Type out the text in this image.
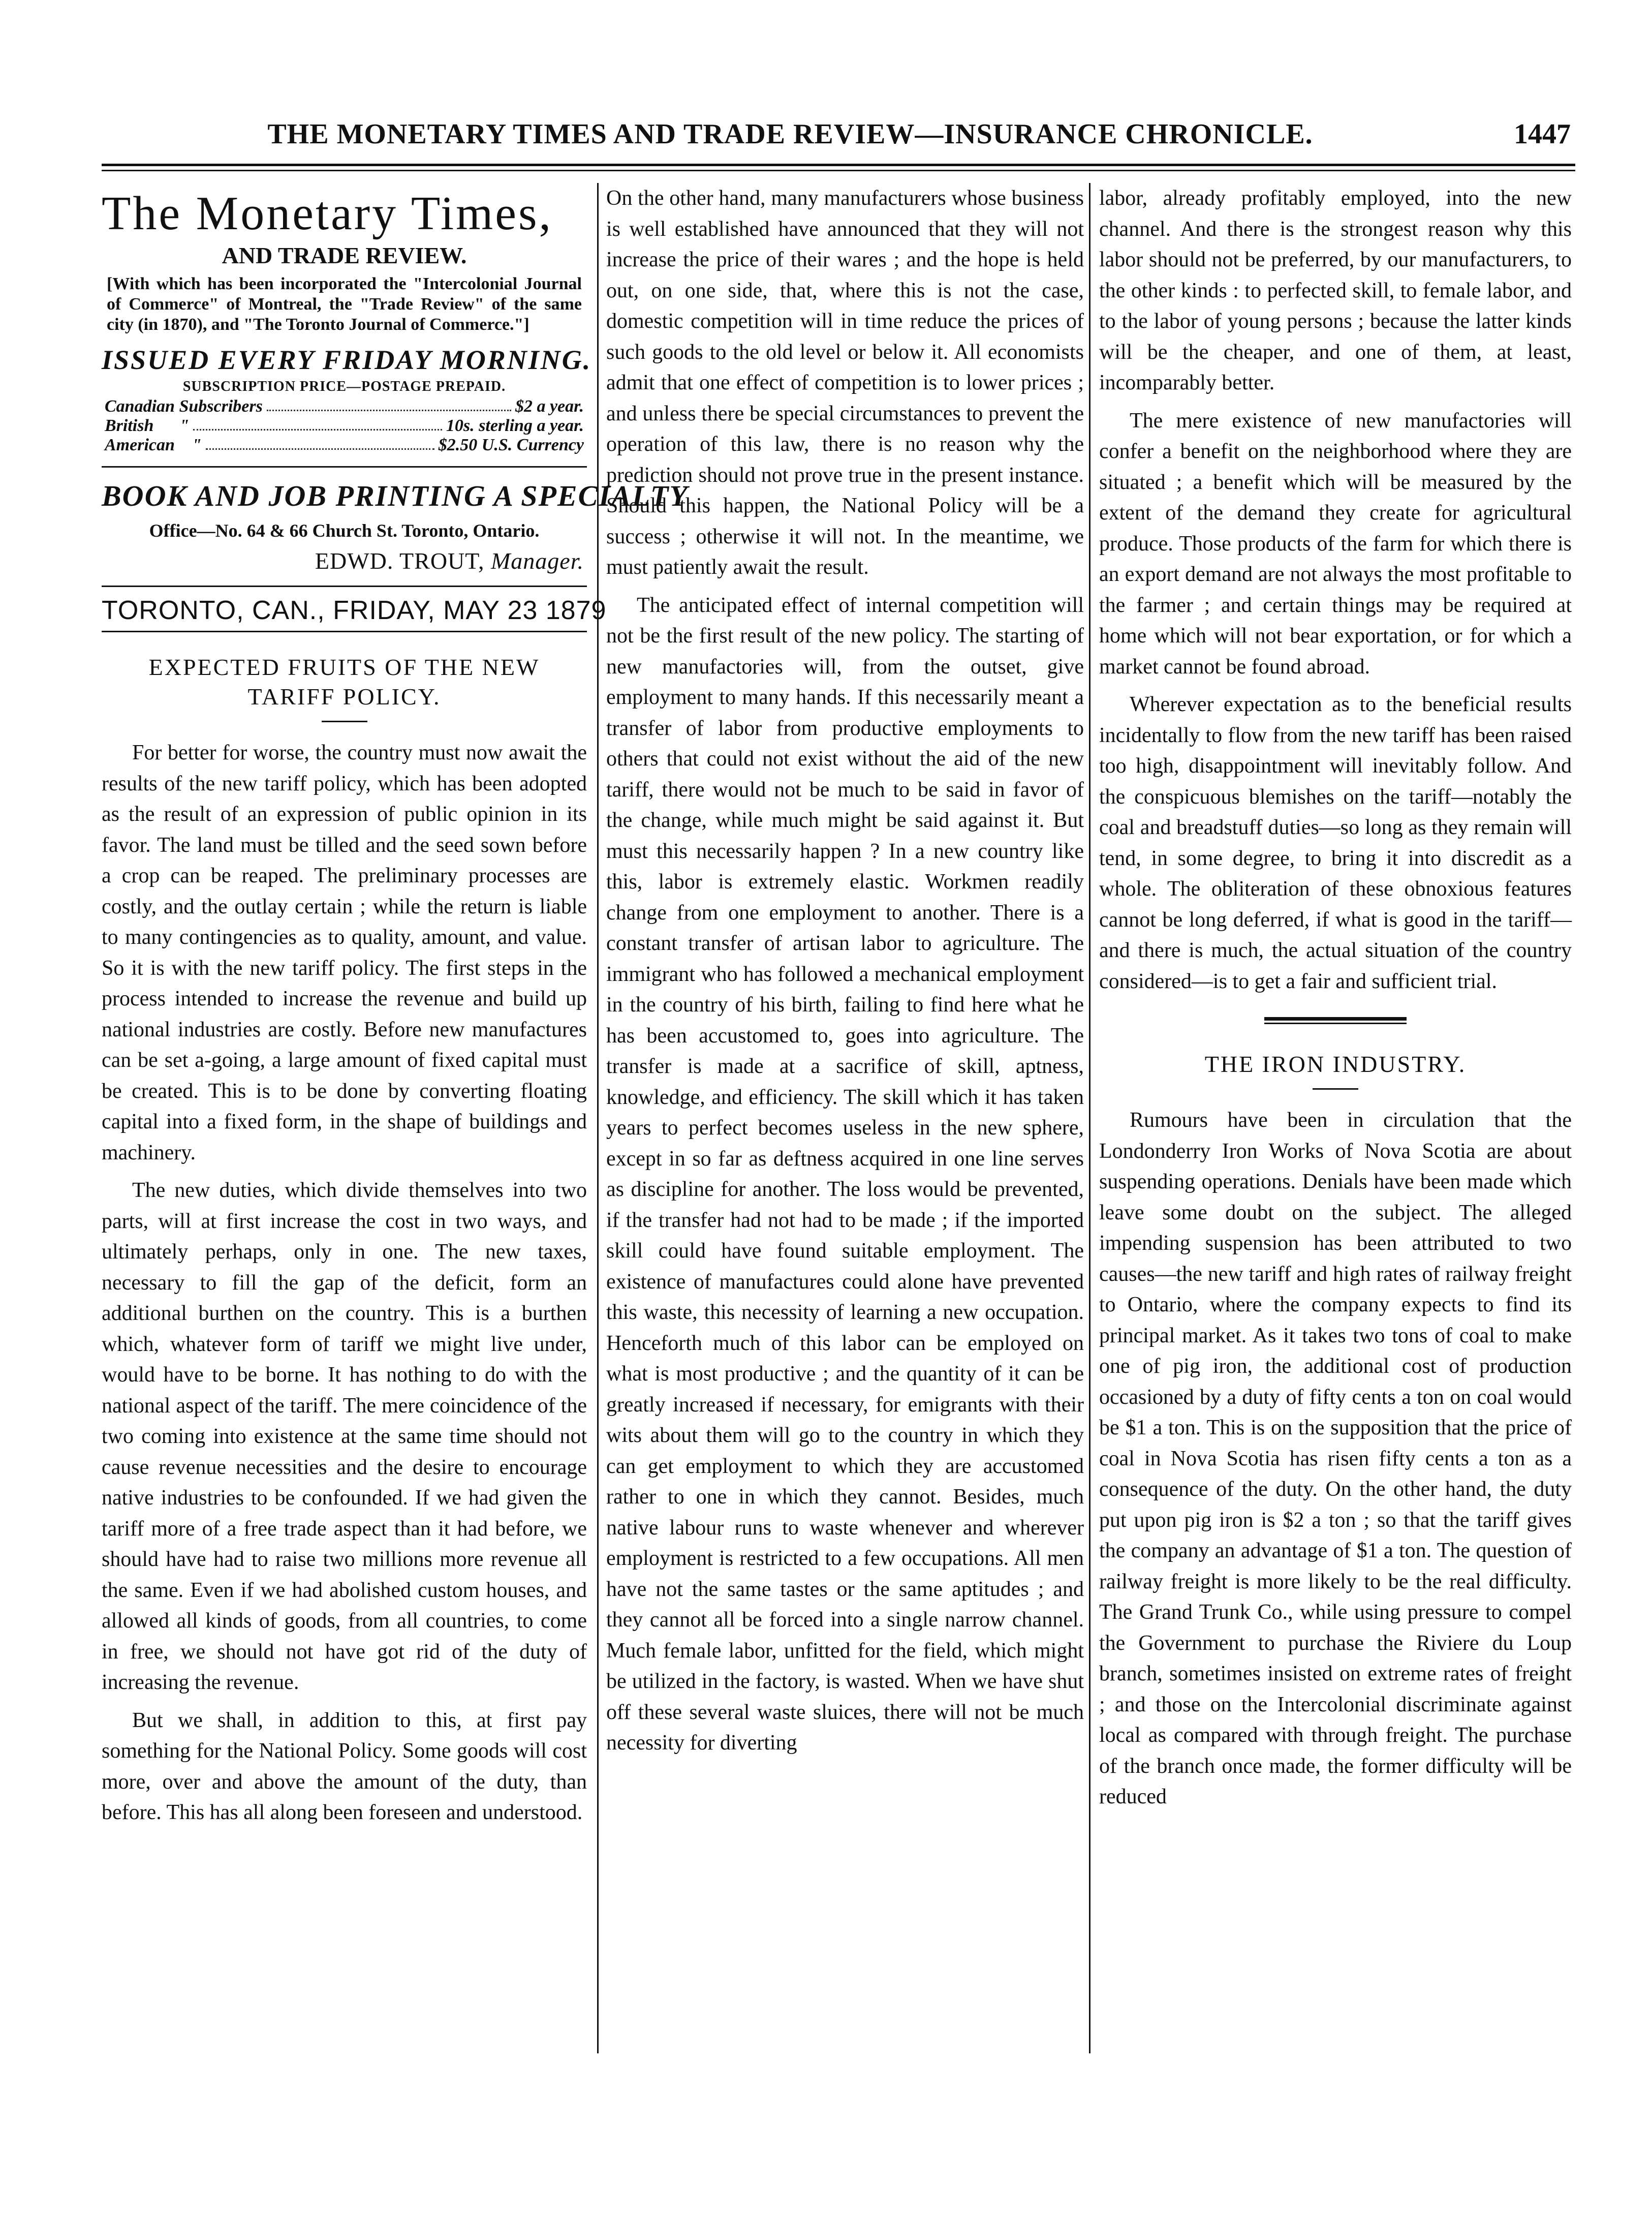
THE MONETARY TIMES AND TRADE REVIEW—INSURANCE CHRONICLE.	1447
The Monetary Times,
AND TRADE REVIEW.
[With which has been incorporated the "Intercolonial Journal of Commerce" of Montreal, the "Trade Review" of the same city (in 1870), and "The Toronto Journal of Commerce."]
ISSUED EVERY FRIDAY MORNING.
SUBSCRIPTION PRICE—POSTAGE PREPAID.
Canadian Subscribers	$2 a year.
British      "	10s. sterling a year.
American    "	$2.50 U.S. Currency
BOOK AND JOB PRINTING A SPECIALTY
Office—No. 64 & 66 Church St. Toronto, Ontario.
EDWD. TROUT, Manager.
TORONTO, CAN., FRIDAY, MAY 23 1879
EXPECTED FRUITS OF THE NEW TARIFF POLICY.

For better for worse, the country must now await the results of the new tariff policy, which has been adopted as the result of an expression of public opinion in its favor. The land must be tilled and the seed sown before a crop can be reaped. The preliminary processes are costly, and the outlay certain ; while the return is liable to many contingencies as to quality, amount, and value. So it is with the new tariff policy. The first steps in the process intended to increase the revenue and build up national industries are costly. Before new manufactures can be set a-going, a large amount of fixed capital must be created. This is to be done by converting floating capital into a fixed form, in the shape of buildings and machinery.

The new duties, which divide themselves into two parts, will at first increase the cost in two ways, and ultimately perhaps, only in one. The new taxes, necessary to fill the gap of the deficit, form an additional burthen on the country. This is a burthen which, whatever form of tariff we might live under, would have to be borne. It has nothing to do with the national aspect of the tariff. The mere coincidence of the two coming into existence at the same time should not cause revenue necessities and the desire to encourage native industries to be confounded. If we had given the tariff more of a free trade aspect than it had before, we should have had to raise two millions more revenue all the same. Even if we had abolished custom houses, and allowed all kinds of goods, from all countries, to come in free, we should not have got rid of the duty of increasing the revenue.

But we shall, in addition to this, at first pay something for the National Policy. Some goods will cost more, over and above the amount of the duty, than before. This has all along been foreseen and understood.

On the other hand, many manufacturers whose business is well established have announced that they will not increase the price of their wares ; and the hope is held out, on one side, that, where this is not the case, domestic competition will in time reduce the prices of such goods to the old level or below it. All economists admit that one effect of competition is to lower prices ; and unless there be special circumstances to prevent the operation of this law, there is no reason why the prediction should not prove true in the present instance. Should this happen, the National Policy will be a success ; otherwise it will not. In the meantime, we must patiently await the result.

The anticipated effect of internal competition will not be the first result of the new policy. The starting of new manufactories will, from the outset, give employment to many hands. If this necessarily meant a transfer of labor from productive employments to others that could not exist without the aid of the new tariff, there would not be much to be said in favor of the change, while much might be said against it. But must this necessarily happen ? In a new country like this, labor is extremely elastic. Workmen readily change from one employment to another. There is a constant transfer of artisan labor to agriculture. The immigrant who has followed a mechanical employment in the country of his birth, failing to find here what he has been accustomed to, goes into agriculture. The transfer is made at a sacrifice of skill, aptness, knowledge, and efficiency. The skill which it has taken years to perfect becomes useless in the new sphere, except in so far as deftness acquired in one line serves as discipline for another. The loss would be prevented, if the transfer had not had to be made ; if the imported skill could have found suitable employment. The existence of manufactures could alone have prevented this waste, this necessity of learning a new occupation. Henceforth much of this labor can be employed on what is most productive ; and the quantity of it can be greatly increased if necessary, for emigrants with their wits about them will go to the country in which they can get employment to which they are accustomed rather to one in which they cannot. Besides, much native labour runs to waste whenever and wherever employment is restricted to a few occupations. All men have not the same tastes or the same aptitudes ; and they cannot all be forced into a single narrow channel. Much female labor, unfitted for the field, which might be utilized in the factory, is wasted. When we have shut off these several waste sluices, there will not be much necessity for diverting

labor, already profitably employed, into the new channel. And there is the strongest reason why this labor should not be preferred, by our manufacturers, to the other kinds : to perfected skill, to female labor, and to the labor of young persons ; because the latter kinds will be the cheaper, and one of them, at least, incomparably better.

The mere existence of new manufactories will confer a benefit on the neighborhood where they are situated ; a benefit which will be measured by the extent of the demand they create for agricultural produce. Those products of the farm for which there is an export demand are not always the most profitable to the farmer ; and certain things may be required at home which will not bear exportation, or for which a market cannot be found abroad.

Wherever expectation as to the beneficial results incidentally to flow from the new tariff has been raised too high, disappointment will inevitably follow. And the conspicuous blemishes on the tariff—notably the coal and breadstuff duties—so long as they remain will tend, in some degree, to bring it into discredit as a whole. The obliteration of these obnoxious features cannot be long deferred, if what is good in the tariff—and there is much, the actual situation of the country considered—is to get a fair and sufficient trial.

THE IRON INDUSTRY.

Rumours have been in circulation that the Londonderry Iron Works of Nova Scotia are about suspending operations. Denials have been made which leave some doubt on the subject. The alleged impending suspension has been attributed to two causes—the new tariff and high rates of railway freight to Ontario, where the company expects to find its principal market. As it takes two tons of coal to make one of pig iron, the additional cost of production occasioned by a duty of fifty cents a ton on coal would be $1 a ton. This is on the supposition that the price of coal in Nova Scotia has risen fifty cents a ton as a consequence of the duty. On the other hand, the duty put upon pig iron is $2 a ton ; so that the tariff gives the company an advantage of $1 a ton. The question of railway freight is more likely to be the real difficulty. The Grand Trunk Co., while using pressure to compel the Government to purchase the Riviere du Loup branch, sometimes insisted on extreme rates of freight ; and those on the Intercolonial discriminate against local as compared with through freight. The purchase of the branch once made, the former difficulty will be reduced
